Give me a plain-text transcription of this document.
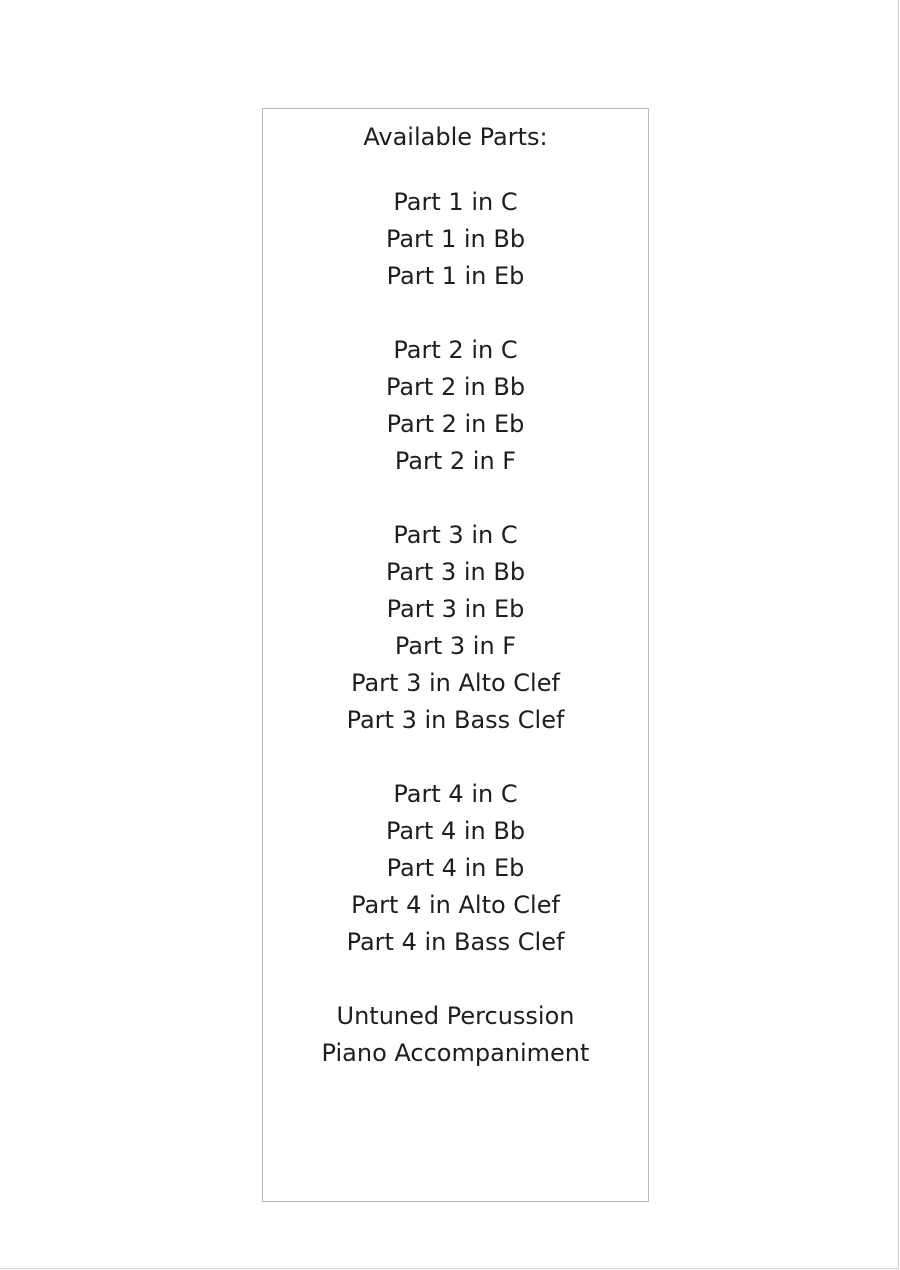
Available Parts:
Part 1 in C
Part 1 in Bb
Part 1 in Eb
Part 2 in C
Part 2 in Bb
Part 2 in Eb
Part 2 in F
Part 3 in C
Part 3 in Bb
Part 3 in Eb
Part 3 in F
Part 3 in Alto Clef
Part 3 in Bass Clef
Part 4 in C
Part 4 in Bb
Part 4 in Eb
Part 4 in Alto Clef
Part 4 in Bass Clef
Untuned Percussion
Piano Accompaniment
